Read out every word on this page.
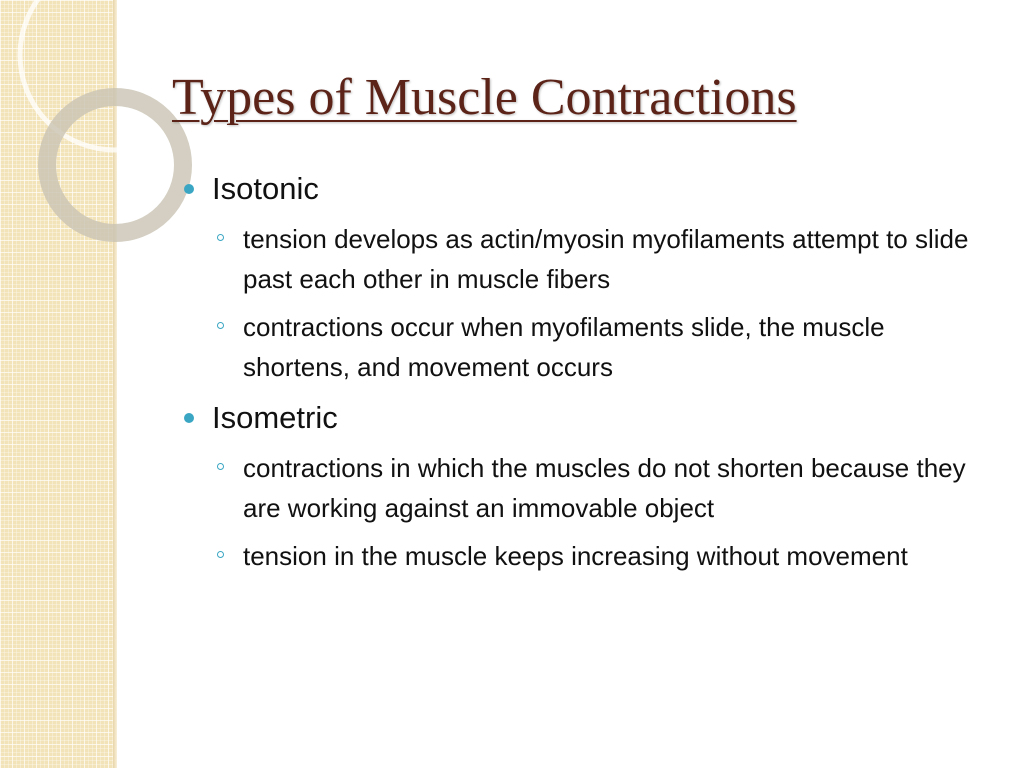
Types of Muscle Contractions
Isotonic
tension develops as actin/myosin myofilaments attempt to slide past each other in muscle fibers
contractions occur when myofilaments slide, the muscle shortens, and movement occurs
Isometric
contractions in which the muscles do not shorten because they are working against an immovable object
tension in the muscle keeps increasing without movement
